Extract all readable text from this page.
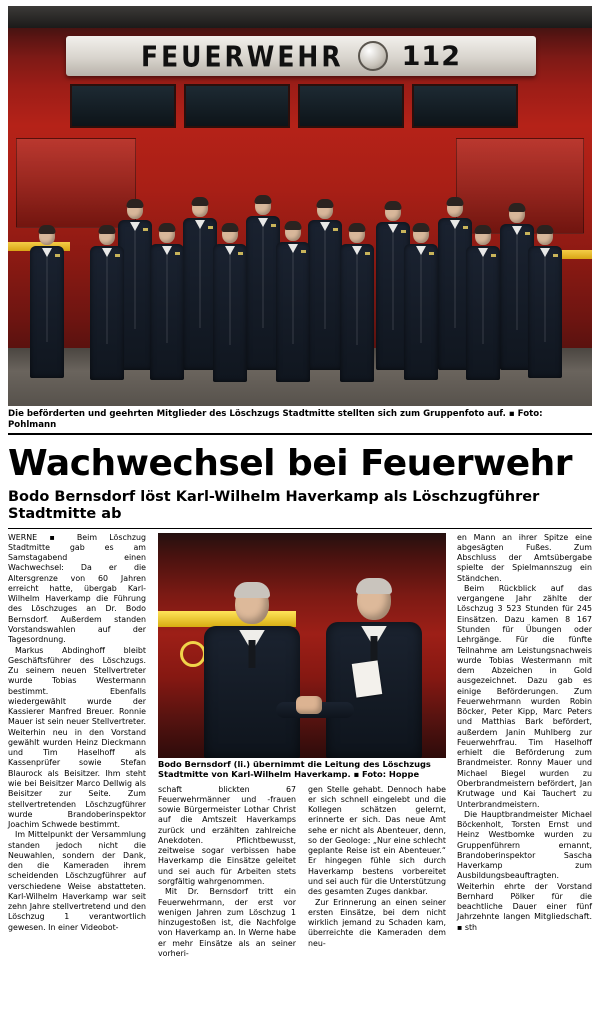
FEUERWEHR 112
Die beförderten und geehrten Mitglieder des Löschzugs Stadtmitte stellten sich zum Gruppenfoto auf. ▪ Foto: Pohlmann
Wachwechsel bei Feuerwehr
Bodo Bernsdorf löst Karl-Wilhelm Haverkamp als Löschzugführer Stadtmitte ab

WERNE ▪ Beim Löschzug Stadtmitte gab es am Samstagabend einen Wachwechsel: Da er die Altersgrenze von 60 Jahren erreicht hatte, übergab Karl-Wilhelm Haverkamp die Führung des Löschzuges an Dr. Bodo Bernsdorf. Außerdem standen Vorstandswahlen auf der Tagesordnung.

Markus Abdinghoff bleibt Geschäftsführer des Löschzugs. Zu seinem neuen Stellvertreter wurde Tobias Westermann bestimmt. Ebenfalls wiedergewählt wurde der Kassierer Manfred Breuer. Ronnie Mauer ist sein neuer Stellvertreter. Weiterhin neu in den Vorstand gewählt wurden Heinz Dieckmann und Tim Haselhoff als Kassenprüfer sowie Stefan Blaurock als Beisitzer. Ihm steht wie bei Beisitzer Marco Dellwig als Beisitzer zur Seite. Zum stellvertretenden Löschzugführer wurde Brandoberinspektor Joachim Schwede bestimmt.

Im Mittelpunkt der Versammlung standen jedoch nicht die Neuwahlen, sondern der Dank, den die Kameraden ihrem scheidenden Löschzugführer auf verschiedene Weise abstatteten. Karl-Wilhelm Haverkamp war seit zehn Jahre stellvertretend und den Löschzug 1 verantwortlich gewesen. In einer Videobot-

Bodo Bernsdorf (li.) übernimmt die Leitung des Löschzugs Stadtmitte von Karl-Wilhelm Haverkamp. ▪ Foto: Hoppe

schaft blickten 67 Feuerwehrmänner und -frauen sowie Bürgermeister Lothar Christ auf die Amtszeit Haverkamps zurück und erzählten zahlreiche Anekdoten. Pflichtbewusst, zeitweise sogar verbissen habe Haverkamp die Einsätze geleitet und sei auch für Arbeiten stets sorgfältig wahrgenommen.

Mit Dr. Bernsdorf tritt ein Feuerwehrmann, der erst vor wenigen Jahren zum Löschzug 1 hinzugestoßen ist, die Nachfolge von Haverkamp an. In Werne habe er mehr Einsätze als an seiner vorheri-

gen Stelle gehabt. Dennoch habe er sich schnell eingelebt und die Kollegen schätzen gelernt, erinnerte er sich. Das neue Amt sehe er nicht als Abenteuer, denn, so der Geologe: „Nur eine schlecht geplante Reise ist ein Abenteuer.“ Er hingegen fühle sich durch Haverkamp bestens vorbereitet und sei auch für die Unterstützung des gesamten Zuges dankbar.

Zur Erinnerung an einen seiner ersten Einsätze, bei dem nicht wirklich jemand zu Schaden kam, überreichte die Kameraden dem neu-

en Mann an ihrer Spitze eine abgesägten Fußes. Zum Abschluss der Amtsübergabe spielte der Spielmannszug ein Ständchen.

Beim Rückblick auf das vergangene Jahr zählte der Löschzug 3 523 Stunden für 245 Einsätzen. Dazu kamen 8 167 Stunden für Übungen oder Lehrgänge. Für die fünfte Teilnahme am Leistungsnachweis wurde Tobias Westermann mit dem Abzeichen in Gold ausgezeichnet. Dazu gab es einige Beförderungen. Zum Feuerwehrmann wurden Robin Böcker, Peter Kipp, Marc Peters und Matthias Bark befördert, außerdem Janin Muhlberg zur Feuerwehrfrau. Tim Haselhoff erhielt die Beförderung zum Brandmeister. Ronny Mauer und Michael Biegel wurden zu Oberbrandmeistern befördert, Jan Krutwage und Kai Tauchert zu Unterbrandmeistern.

Die Hauptbrandmeister Michael Böckenholt, Torsten Ernst und Heinz Westbomke wurden zu Gruppenführern ernannt, Brandoberinspektor Sascha Haverkamp zum Ausbildungsbeauftragten. Weiterhin ehrte der Vorstand Bernhard Pölker für die beachtliche Dauer einer fünf Jahrzehnte langen Mitgliedschaft. ▪ sth
